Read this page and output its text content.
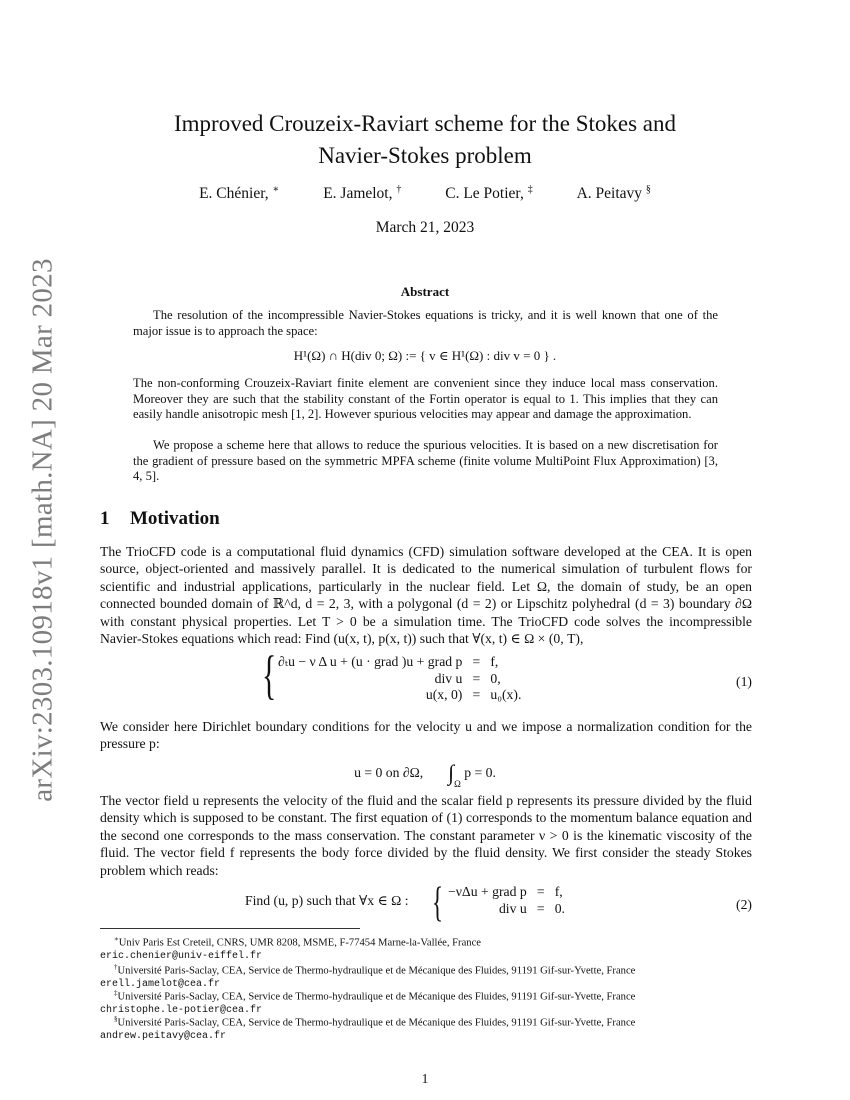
arXiv:2303.10918v1 [math.NA] 20 Mar 2023
Improved Crouzeix-Raviart scheme for the Stokes and
Navier-Stokes problem
E. Chénier, ∗	E. Jamelot, †	C. Le Potier, ‡	A. Peitavy §
March 21, 2023
Abstract

The resolution of the incompressible Navier-Stokes equations is tricky, and it is well known that one of the major issue is to approach the space:

H¹(Ω) ∩ H(div 0; Ω) := { v ∈ H¹(Ω) : div v = 0 } .

The non-conforming Crouzeix-Raviart finite element are convenient since they induce local mass conservation. Moreover they are such that the stability constant of the Fortin operator is equal to 1. This implies that they can easily handle anisotropic mesh [1, 2]. However spurious velocities may appear and damage the approximation.

We propose a scheme here that allows to reduce the spurious velocities. It is based on a new discretisation for the gradient of pressure based on the symmetric MPFA scheme (finite volume MultiPoint Flux Approximation) [3, 4, 5].

1 Motivation

The TrioCFD code is a computational fluid dynamics (CFD) simulation software developed at the CEA. It is open source, object-oriented and massively parallel. It is dedicated to the numerical simulation of turbulent flows for scientific and industrial applications, particularly in the nuclear field. Let Ω, the domain of study, be an open connected bounded domain of ℝ^d, d = 2, 3, with a polygonal (d = 2) or Lipschitz polyhedral (d = 3) boundary ∂Ω with constant physical properties. Let T > 0 be a simulation time. The TrioCFD code solves the incompressible Navier-Stokes equations which read: Find (u(x, t), p(x, t)) such that ∀(x, t) ∈ Ω × (0, T),

{ ∂ₜu − ν Δ u + (u · grad )u + grad p = f,
div u = 0,
u(x, 0) = u₀(x).
(1)

We consider here Dirichlet boundary conditions for the velocity u and we impose a normalization condition for the pressure p:

u = 0 on ∂Ω, $\int_\Omega$ p = 0.

The vector field u represents the velocity of the fluid and the scalar field p represents its pressure divided by the fluid density which is supposed to be constant. The first equation of (1) corresponds to the momentum balance equation and the second one corresponds to the mass conservation. The constant parameter ν > 0 is the kinematic viscosity of the fluid. The vector field f represents the body force divided by the fluid density. We first consider the steady Stokes problem which reads:

Find (u, p) such that ∀x ∈ Ω : { −νΔu + grad p = f,
div u = 0.	(2)
∗Univ Paris Est Creteil, CNRS, UMR 8208, MSME, F-77454 Marne-la-Vallée, France
eric.chenier@univ-eiffel.fr
†Université Paris-Saclay, CEA, Service de Thermo-hydraulique et de Mécanique des Fluides, 91191 Gif-sur-Yvette, France
erell.jamelot@cea.fr
‡Université Paris-Saclay, CEA, Service de Thermo-hydraulique et de Mécanique des Fluides, 91191 Gif-sur-Yvette, France
christophe.le-potier@cea.fr
§Université Paris-Saclay, CEA, Service de Thermo-hydraulique et de Mécanique des Fluides, 91191 Gif-sur-Yvette, France
andrew.peitavy@cea.fr
1
